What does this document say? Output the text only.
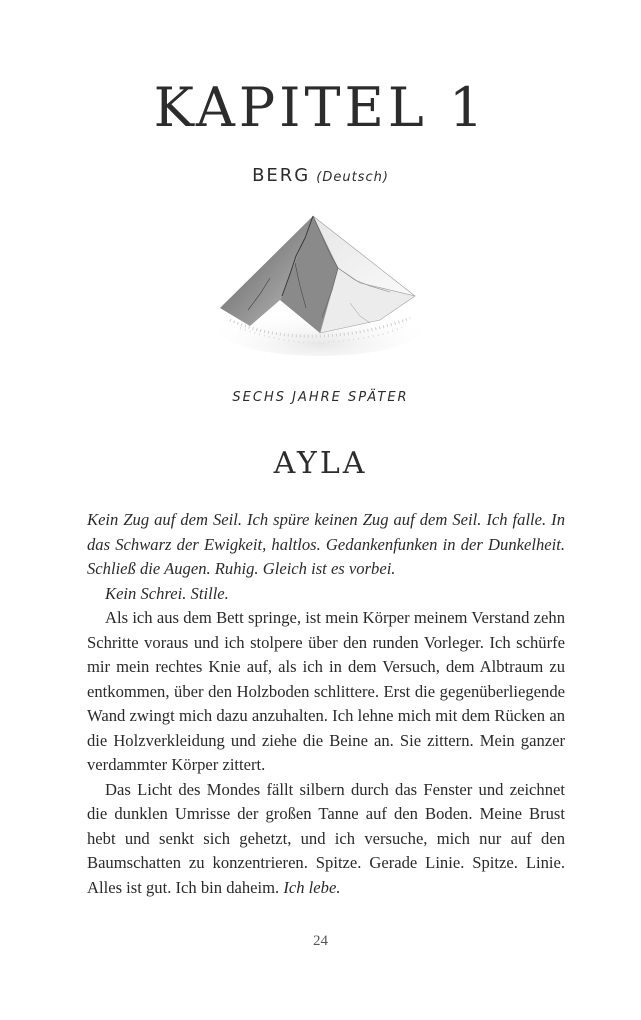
KAPITEL 1
BERG (Deutsch)
SECHS JAHRE SPÄTER
AYLA

Kein Zug auf dem Seil. Ich spüre keinen Zug auf dem Seil. Ich falle. In das Schwarz der Ewigkeit, haltlos. Gedankenfunken in der Dunkelheit. Schließ die Augen. Ruhig. Gleich ist es vorbei.

Kein Schrei. Stille.

Als ich aus dem Bett springe, ist mein Körper meinem Verstand zehn Schritte voraus und ich stolpere über den runden Vorleger. Ich schürfe mir mein rechtes Knie auf, als ich in dem Versuch, dem Albtraum zu entkommen, über den Holzboden schlittere. Erst die gegenüberliegende Wand zwingt mich dazu anzuhalten. Ich lehne mich mit dem Rücken an die Holzverkleidung und ziehe die Beine an. Sie zittern. Mein ganzer verdammter Körper zittert.

Das Licht des Mondes fällt silbern durch das Fenster und zeichnet die dunklen Umrisse der großen Tanne auf den Boden. Meine Brust hebt und senkt sich gehetzt, und ich versuche, mich nur auf den Baumschatten zu konzentrieren. Spitze. Gerade Linie. Spitze. Linie. Alles ist gut. Ich bin daheim. Ich lebe.

24
